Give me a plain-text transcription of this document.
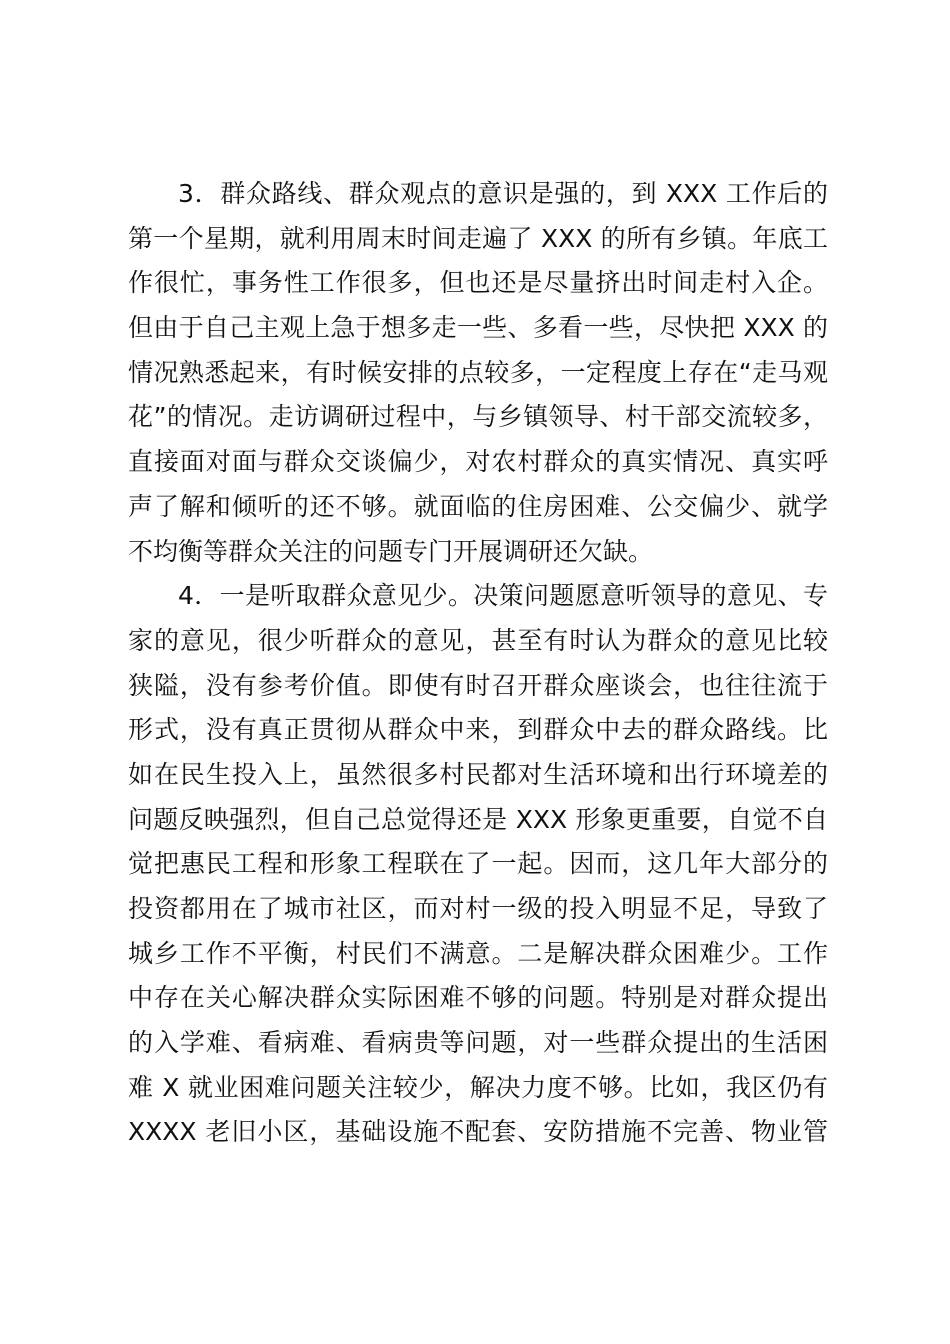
3．群众路线、群众观点的意识是强的，到 XXX 工作后的
第一个星期，就利用周末时间走遍了 XXX 的所有乡镇。年底工
作很忙，事务性工作很多，但也还是尽量挤出时间走村入企。
但由于自己主观上急于想多走一些、多看一些，尽快把 XXX 的
情况熟悉起来，有时候安排的点较多，一定程度上存在“走马观
花”的情况。走访调研过程中，与乡镇领导、村干部交流较多，
直接面对面与群众交谈偏少，对农村群众的真实情况、真实呼
声了解和倾听的还不够。就面临的住房困难、公交偏少、就学
不均衡等群众关注的问题专门开展调研还欠缺。
4．一是听取群众意见少。决策问题愿意听领导的意见、专
家的意见，很少听群众的意见，甚至有时认为群众的意见比较
狭隘，没有参考价值。即使有时召开群众座谈会，也往往流于
形式，没有真正贯彻从群众中来，到群众中去的群众路线。比
如在民生投入上，虽然很多村民都对生活环境和出行环境差的
问题反映强烈，但自己总觉得还是 XXX 形象更重要，自觉不自
觉把惠民工程和形象工程联在了一起。因而，这几年大部分的
投资都用在了城市社区，而对村一级的投入明显不足，导致了
城乡工作不平衡，村民们不满意。二是解决群众困难少。工作
中存在关心解决群众实际困难不够的问题。特别是对群众提出
的入学难、看病难、看病贵等问题，对一些群众提出的生活困
难 X 就业困难问题关注较少，解决力度不够。比如，我区仍有
XXXX 老旧小区，基础设施不配套、安防措施不完善、物业管
